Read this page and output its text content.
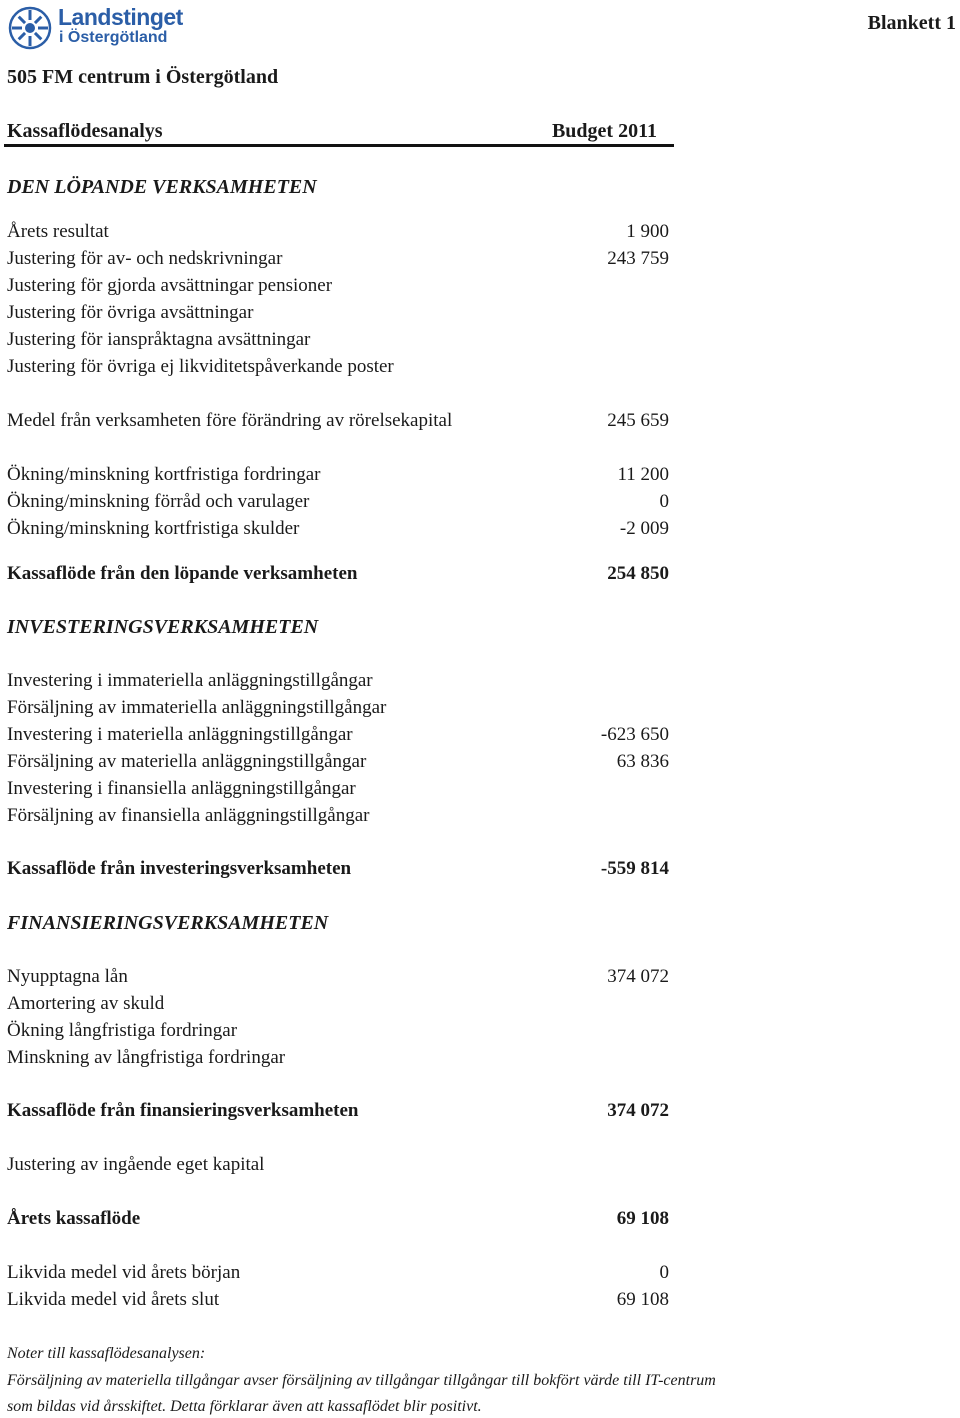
Landstinget
i Östergötland
Blankett 1
505 FM centrum i Östergötland
Kassaflödesanalys	Budget 2011
DEN LÖPANDE VERKSAMHETEN
Årets resultat	1 900
Justering för av- och nedskrivningar	243 759
Justering för gjorda avsättningar pensioner
Justering för övriga avsättningar
Justering för ianspråktagna avsättningar
Justering för övriga ej likviditetspåverkande poster
Medel från verksamheten före förändring av rörelsekapital	245 659
Ökning/minskning kortfristiga fordringar	11 200
Ökning/minskning förråd och varulager	0
Ökning/minskning kortfristiga skulder	-2 009
Kassaflöde från den löpande verksamheten	254 850
INVESTERINGSVERKSAMHETEN
Investering i immateriella anläggningstillgångar
Försäljning av immateriella anläggningstillgångar
Investering i materiella anläggningstillgångar	-623 650
Försäljning av materiella anläggningstillgångar	63 836
Investering i finansiella anläggningstillgångar
Försäljning av finansiella anläggningstillgångar
Kassaflöde från investeringsverksamheten	-559 814
FINANSIERINGSVERKSAMHETEN
Nyupptagna lån	374 072
Amortering av skuld
Ökning långfristiga fordringar
Minskning av långfristiga fordringar
Kassaflöde från finansieringsverksamheten	374 072
Justering av ingående eget kapital
Årets kassaflöde	69 108
Likvida medel vid årets början	0
Likvida medel vid årets slut	69 108
Noter till kassaflödesanalysen:
Försäljning av materiella tillgångar avser försäljning av tillgångar tillgångar till bokfört värde till IT-centrum
som bildas vid årsskiftet. Detta förklarar även att kassaflödet blir positivt.
